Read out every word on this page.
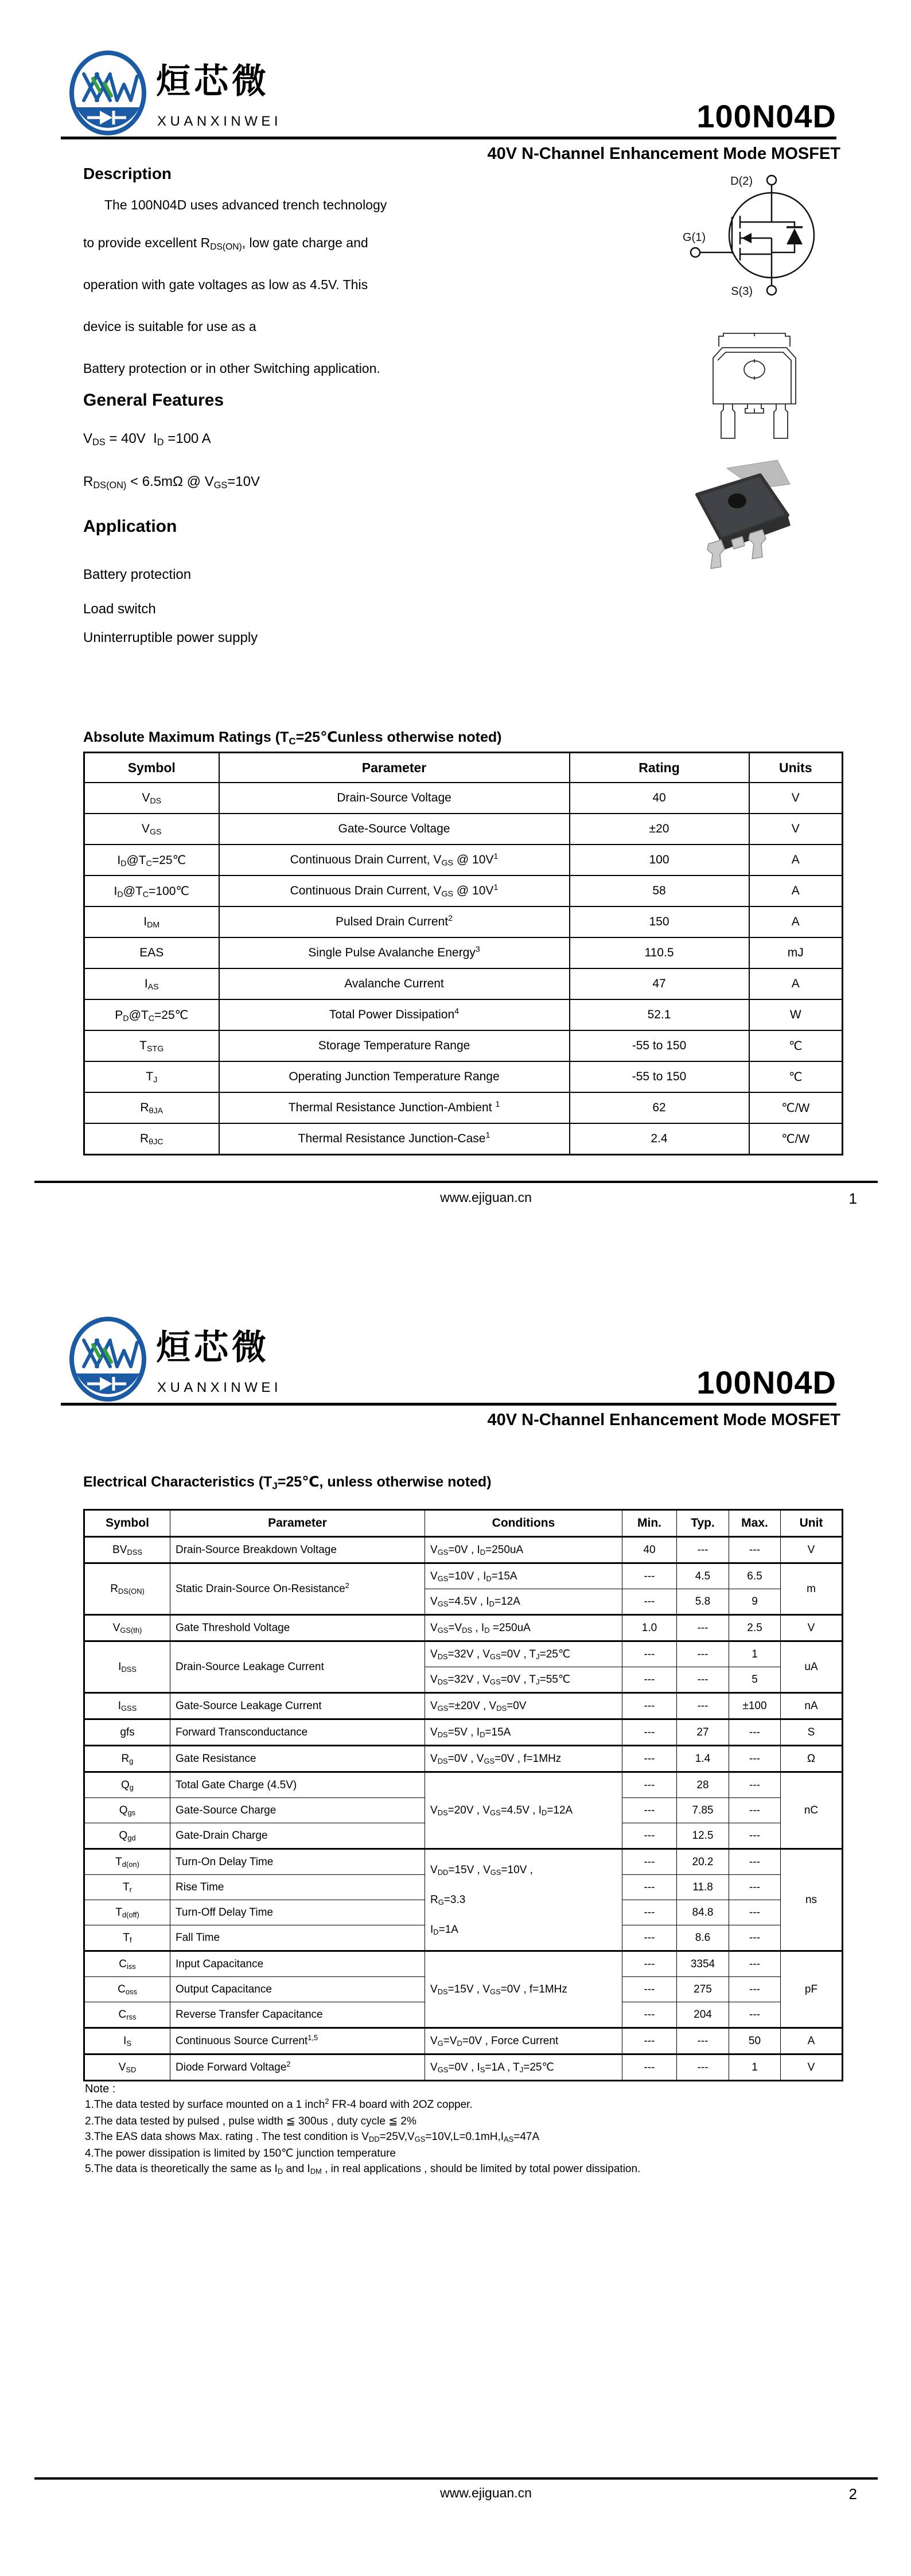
烜芯微
XUANXINWEI	100N04D
40V N-Channel Enhancement Mode MOSFET
Description
The 100N04D uses advanced trench technology
to provide excellent $R_{DS(ON)}$, low gate charge and
operation with gate voltages as low as 4.5V. This
device is suitable for use as a
Battery protection or in other Switching application.
General Features
$V_{DS} = 40V$  $I_D =100$ A
$R_{DS(ON)} < 6.5m\Omega$ @ $V_{GS}=10V$
Application
Battery protection
Load switch
Uninterruptible power supply
D(2)
G(1)
S(3)
Absolute Maximum Ratings ($T_C=25℃unless$ otherwise noted)
Symbol	Parameter	Rating	Units
$V_{DS}$	Drain-Source Voltage	40	V
$V_{GS}$	Gate-Source Voltage	±20	V
$I_D@T_C=25℃$	Continuous Drain Current, $V_{GS}$ @ $10V^1$	100	A
$I_D@T_C=100℃$	Continuous Drain Current, $V_{GS}$ @ $10V^1$	58	A
$I_{DM}$	Pulsed Drain Current$^2$	150	A
EAS	Single Pulse Avalanche Energy$^3$	110.5	mJ
$I_{AS}$	Avalanche Current	47	A
$P_D@T_C=25℃$	Total Power Dissipation$^4$	52.1	W
$T_{STG}$	Storage Temperature Range	-55 to 150	℃
$T_J$	Operating Junction Temperature Range	-55 to 150	℃
$R_{\theta JA}$	Thermal Resistance Junction-Ambient $^1$	62	℃/W
$R_{\theta JC}$	Thermal Resistance Junction-Case$^1$	2.4	℃/W
www.ejiguan.cn	1
烜芯微
XUANXINWEI	100N04D
40V N-Channel Enhancement Mode MOSFET
Electrical Characteristics ($T_J=25℃$, unless otherwise noted)
Symbol	Parameter	Conditions	Min.	Typ.	Max.	Unit
$BV_{DSS}$	Drain-Source Breakdown Voltage	$V_{GS}=0V$ , $I_D=250uA$	40	---	---	V
$R_{DS(ON)}$	Static Drain-Source On-Resistance$^2$	$V_{GS}=10V$ , $I_D=15A$	---	4.5	6.5	m
		$V_{GS}=4.5V$ , $I_D=12A$	---	5.8	9	
$V_{GS(th)}$	Gate Threshold Voltage	$V_{GS}=V_{DS}$ , $I_D =250uA$	1.0	---	2.5	V
$I_{DSS}$	Drain-Source Leakage Current	$V_{DS}=32V$ , $V_{GS}=0V$ , $T_J=25℃$	---	---	1	uA
		$V_{DS}=32V$ , $V_{GS}=0V$ , $T_J=55℃$	---	---	5	
$I_{GSS}$	Gate-Source Leakage Current	$V_{GS}=\pm 20V$ , $V_{DS}=0V$	---	---	±100	nA
gfs	Forward Transconductance	$V_{DS}=5V$ , $I_D=15A$	---	27	---	S
$R_g$	Gate Resistance	$V_{DS}=0V$ , $V_{GS}=0V$ , f=1MHz	---	1.4	---	Ω
$Q_g$	Total Gate Charge (4.5V)	$V_{DS}=20V$ , $V_{GS}=4.5V$ , $I_D=12A$	---	28	---	nC
$Q_{gs}$	Gate-Source Charge		---	7.85	---	
$Q_{gd}$	Gate-Drain Charge		---	12.5	---	
$T_{d(on)}$	Turn-On Delay Time	$V_{DD}=15V$ , $V_{GS}=10V$ ,
$R_G=3.3$
$I_D=1A$	---	20.2	---	ns
$T_r$	Rise Time		---	11.8	---	
$T_{d(off)}$	Turn-Off Delay Time		---	84.8	---	
$T_f$	Fall Time		---	8.6	---	
$C_{iss}$	Input Capacitance	$V_{DS}=15V$ , $V_{GS}=0V$ , f=1MHz	---	3354	---	pF
$C_{oss}$	Output Capacitance		---	275	---	
$C_{rss}$	Reverse Transfer Capacitance		---	204	---	
$I_S$	Continuous Source Current$^{1,5}$	$V_G=V_D=0V$ , Force Current	---	---	50	A
$V_{SD}$	Diode Forward Voltage$^2$	$V_{GS}=0V$ , $I_S=1A$ , $T_J=25℃$	---	---	1	V
Note :
1.The data tested by surface mounted on a 1 inch$^2$ FR-4 board with 2OZ copper.
2.The data tested by pulsed , pulse width ≦ 300us , duty cycle ≦ 2%
3.The EAS data shows Max. rating . The test condition is $V_{DD}=25V,V_{GS}=10V,L=0.1mH,I_{AS}=47A$
4.The power dissipation is limited by 150℃ junction temperature
5.The data is theoretically the same as $I_D$ and $I_{DM}$ , in real applications , should be limited by total power dissipation.
www.ejiguan.cn	2
